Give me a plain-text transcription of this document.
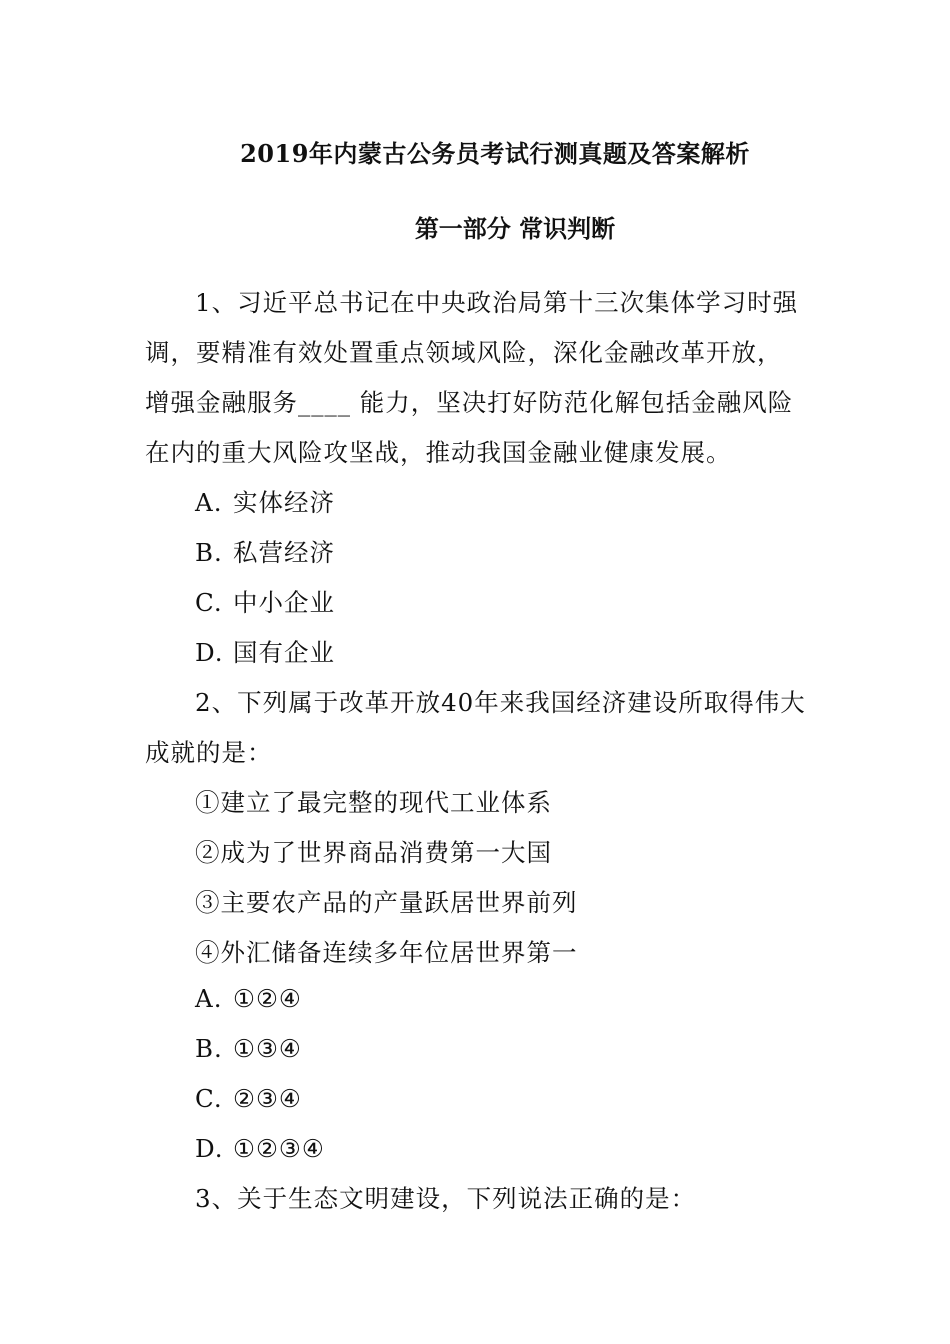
2019年内蒙古公务员考试行测真题及答案解析
第一部分 常识判断
1、习近平总书记在中央政治局第十三次集体学习时强
调，要精准有效处置重点领域风险，深化金融改革开放，
增强金融服务____ 能力，坚决打好防范化解包括金融风险
在内的重大风险攻坚战，推动我国金融业健康发展。
A. 实体经济
B. 私营经济
C. 中小企业
D. 国有企业
2、下列属于改革开放40年来我国经济建设所取得伟大
成就的是：
①建立了最完整的现代工业体系
②成为了世界商品消费第一大国
③主要农产品的产量跃居世界前列
④外汇储备连续多年位居世界第一
A. ①②④
B. ①③④
C. ②③④
D. ①②③④
3、关于生态文明建设，下列说法正确的是：
